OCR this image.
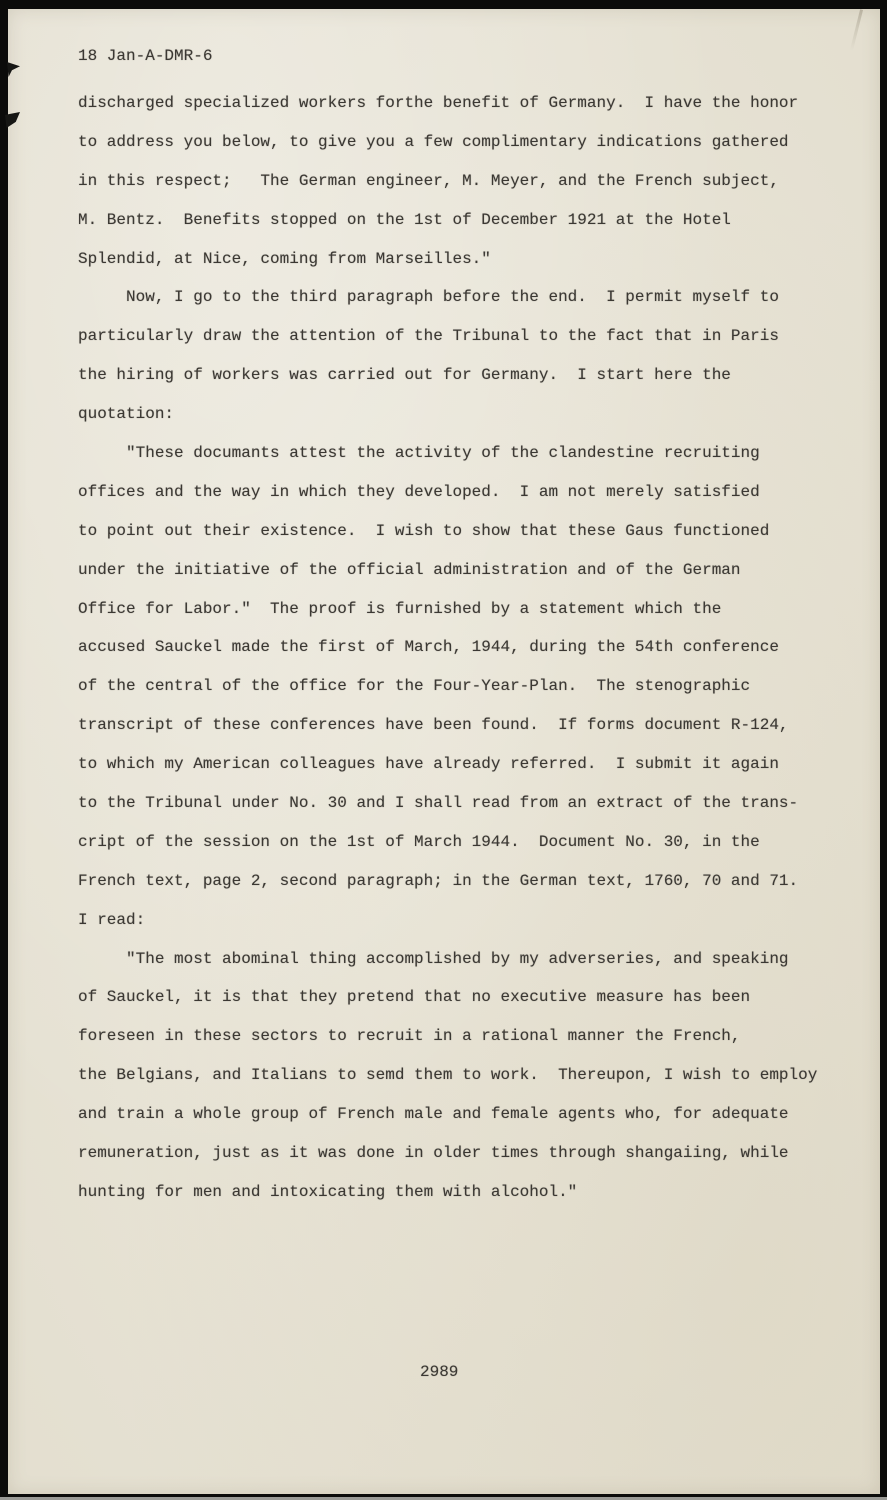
18 Jan-A-DMR-6
discharged specialized workers forthe benefit of Germany.  I have the honor
to address you below, to give you a few complimentary indications gathered
in this respect;   The German engineer, M. Meyer, and the French subject,
M. Bentz.  Benefits stopped on the 1st of December 1921 at the Hotel
Splendid, at Nice, coming from Marseilles."
Now, I go to the third paragraph before the end.  I permit myself to
particularly draw the attention of the Tribunal to the fact that in Paris
the hiring of workers was carried out for Germany.  I start here the
quotation:
"These documants attest the activity of the clandestine recruiting
offices and the way in which they developed.  I am not merely satisfied
to point out their existence.  I wish to show that these Gaus functioned
under the initiative of the official administration and of the German
Office for Labor."  The proof is furnished by a statement which the
accused Sauckel made the first of March, 1944, during the 54th conference
of the central of the office for the Four-Year-Plan.  The stenographic
transcript of these conferences have been found.  If forms document R-124,
to which my American colleagues have already referred.  I submit it again
to the Tribunal under No. 30 and I shall read from an extract of the trans-
cript of the session on the 1st of March 1944.  Document No. 30, in the
French text, page 2, second paragraph; in the German text, 1760, 70 and 71.
I read:
"The most abominal thing accomplished by my adverseries, and speaking
of Sauckel, it is that they pretend that no executive measure has been
foreseen in these sectors to recruit in a rational manner the French,
the Belgians, and Italians to semd them to work.  Thereupon, I wish to employ
and train a whole group of French male and female agents who, for adequate
remuneration, just as it was done in older times through shangaiing, while
hunting for men and intoxicating them with alcohol."
2989
